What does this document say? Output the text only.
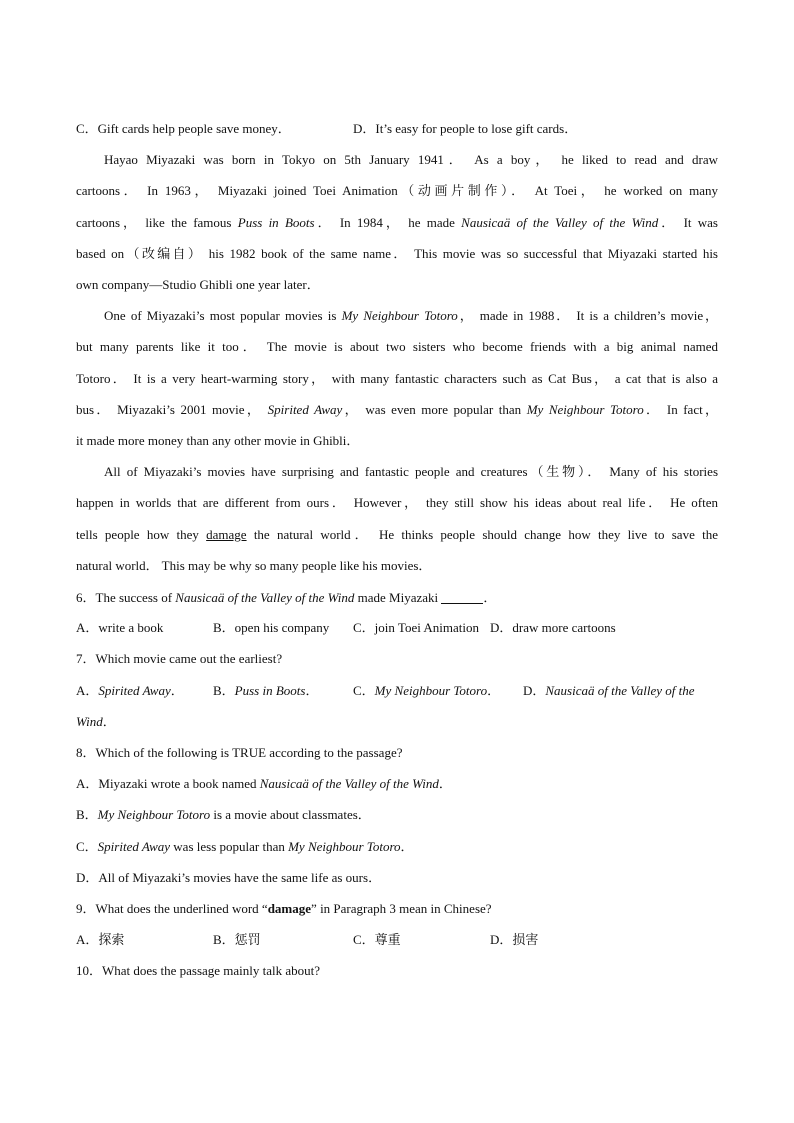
C．Gift cards help people save money．	D．It’s easy for people to lose gift cards．
Hayao Miyazaki was born in Tokyo on 5th January 1941． As a boy， he liked to read and draw
cartoons． In 1963， Miyazaki joined Toei Animation（动画片制作）． At Toei， he worked on many
cartoons， like the famous Puss in Boots． In 1984， he made Nausicaä of the Valley of the Wind． It was
based on（改编自） his 1982 book of the same name． This movie was so successful that Miyazaki started his
own company—Studio Ghibli one year later．
One of Miyazaki’s most popular movies is My Neighbour Totoro， made in 1988． It is a children’s movie，
but many parents like it too． The movie is about two sisters who become friends with a big animal named
Totoro． It is a very heart-warming story， with many fantastic characters such as Cat Bus， a cat that is also a
bus． Miyazaki’s 2001 movie， Spirited Away， was even more popular than My Neighbour Totoro． In fact，
it made more money than any other movie in Ghibli．
All of Miyazaki’s movies have surprising and fantastic people and creatures（生物）． Many of his stories
happen in worlds that are different from ours． However， they still show his ideas about real life． He often
tells people how they damage the natural world． He thinks people should change how they live to save the
natural world． This may be why so many people like his movies．
6．The success of Nausicaä of the Valley of the Wind made Miyazaki	．
A．write a book	B．open his company C．join Toei Animation D．draw more cartoons
7．Which movie came out the earliest?
A．Spirited Away． B．Puss in Boots．	C．My Neighbour Totoro． D．Nausicaä of the Valley of the
Wind．
8．Which of the following is TRUE according to the passage?
A．Miyazaki wrote a book named Nausicaä of the Valley of the Wind．
B．My Neighbour Totoro is a movie about classmates．
C．Spirited Away was less popular than My Neighbour Totoro．
D．All of Miyazaki’s movies have the same life as ours．
9．What does the underlined word “damage” in Paragraph 3 mean in Chinese?
A．探索	B．惩罚	C．尊重	D．损害
10．What does the passage mainly talk about?
